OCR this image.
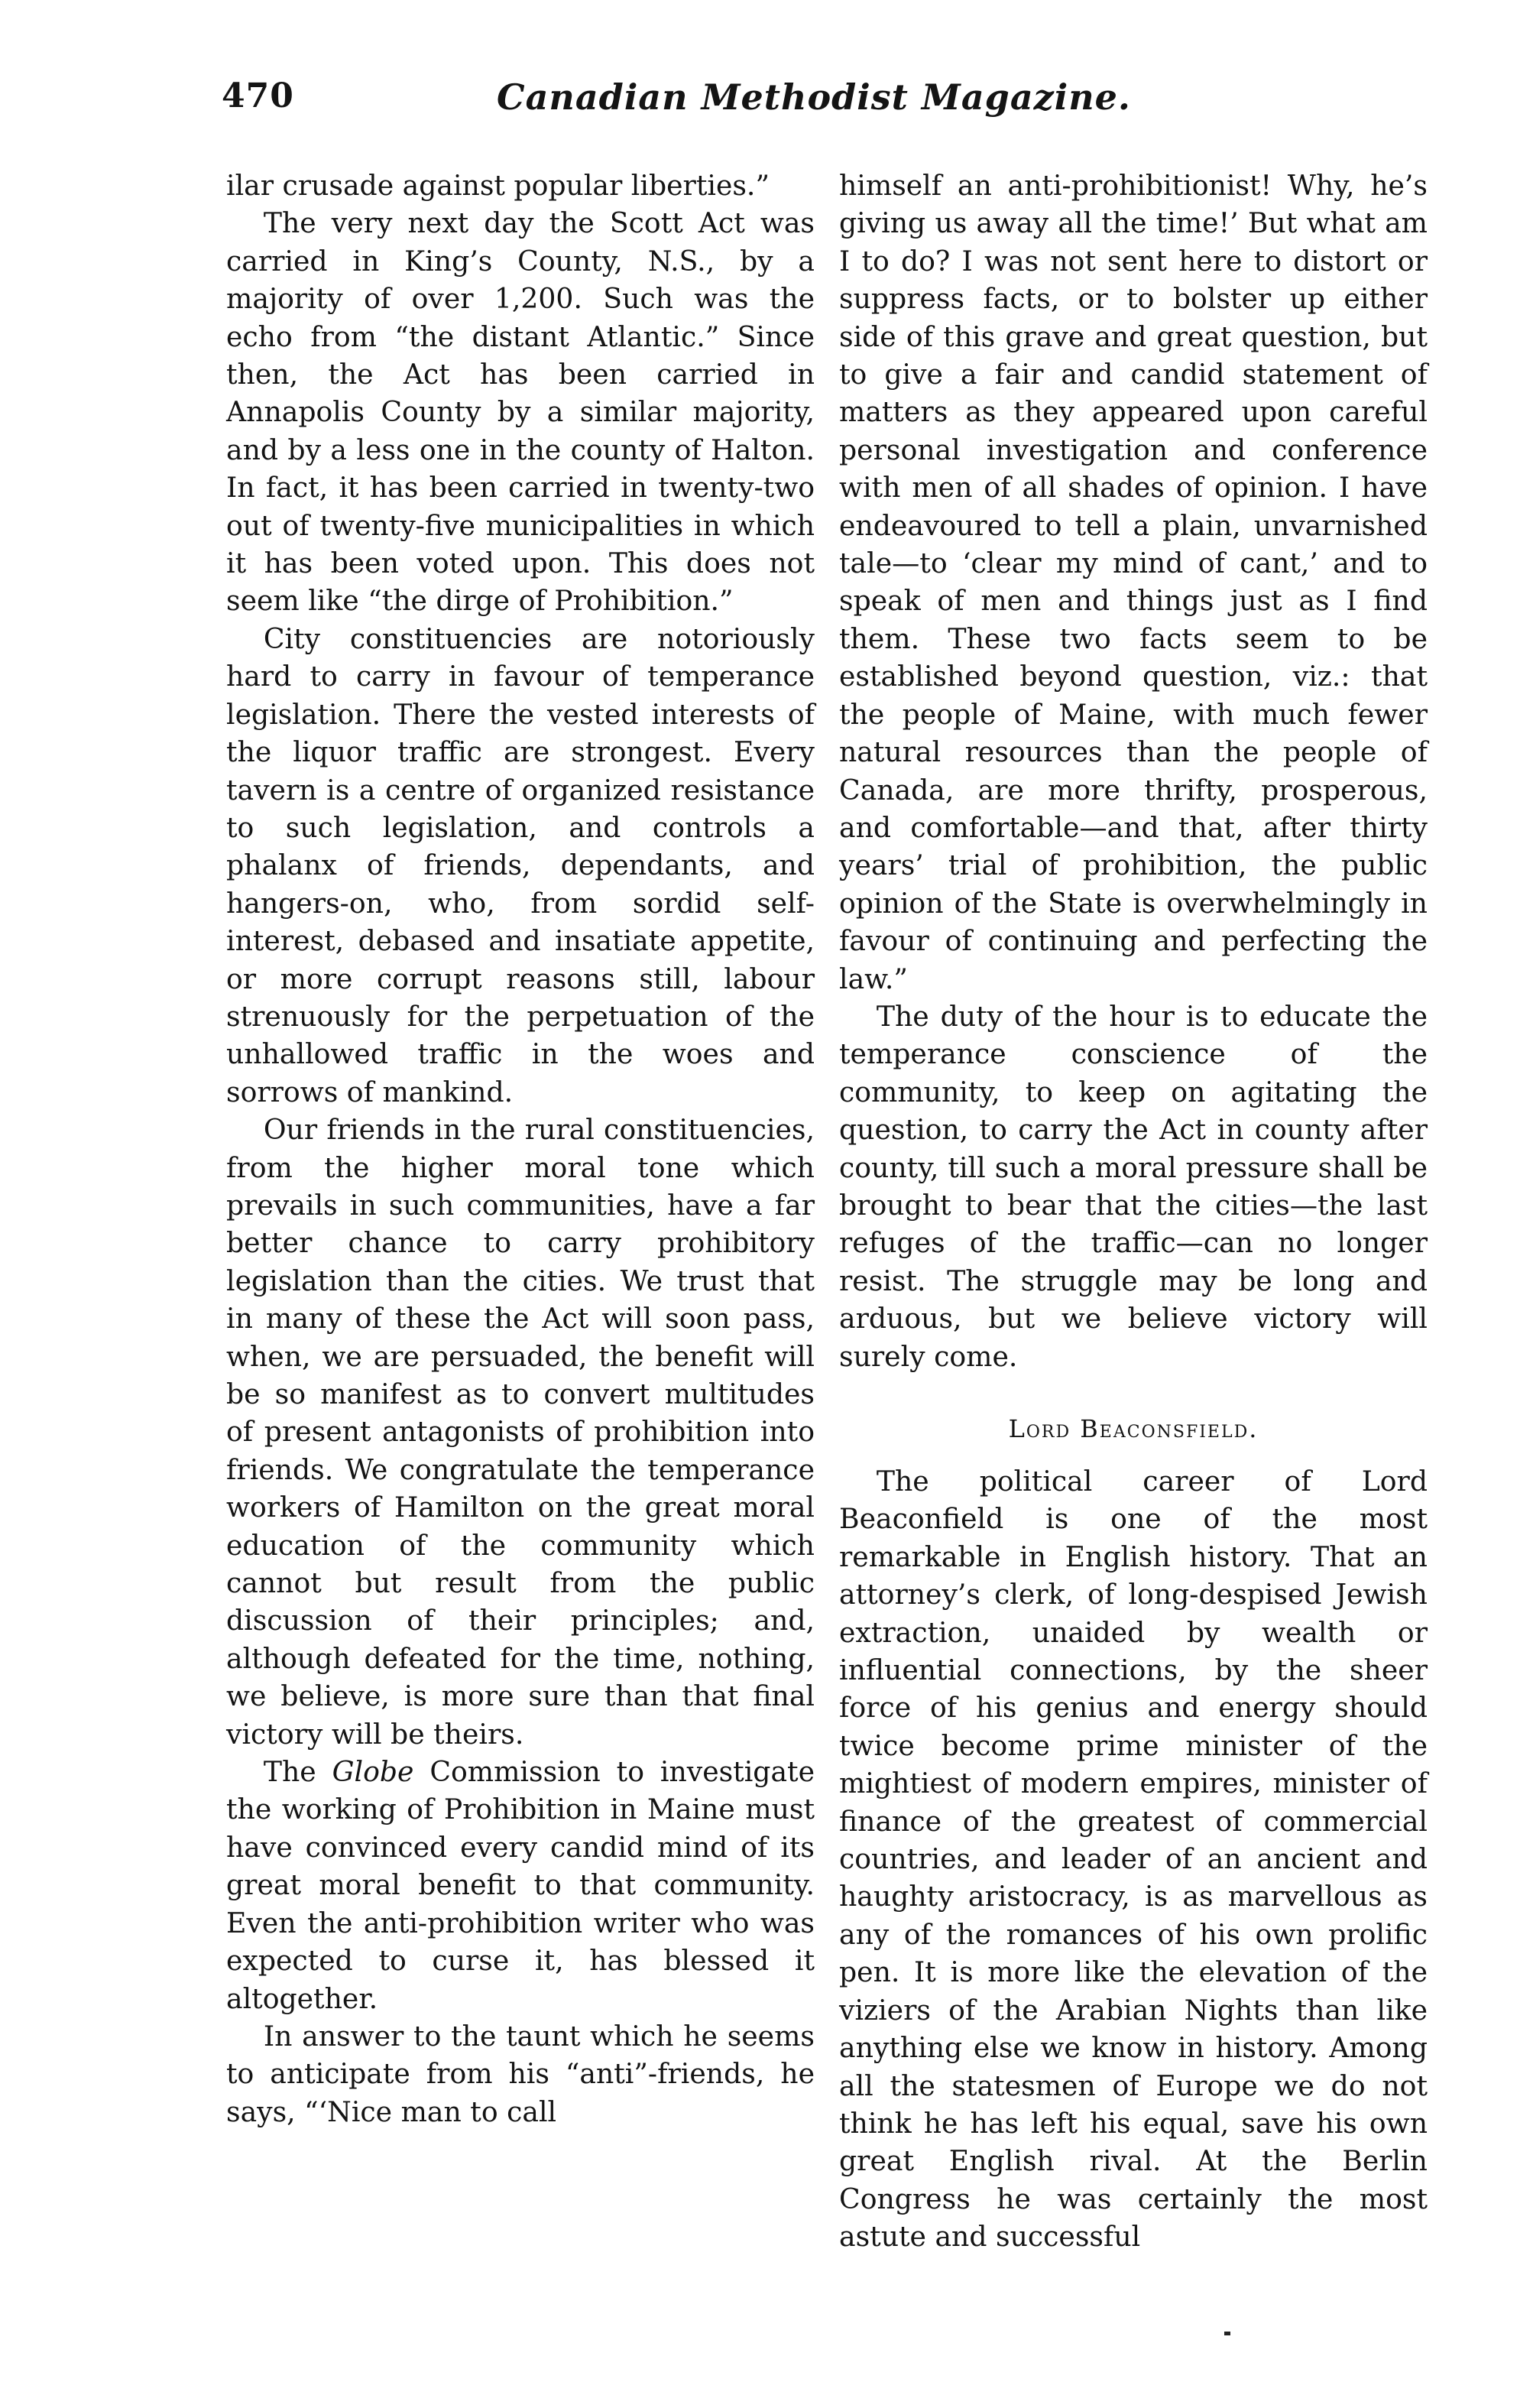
470	Canadian Methodist Magazine.

ilar crusade against popular liberties.”

The very next day the Scott Act was carried in King’s County, N.S., by a majority of over 1,200. Such was the echo from “the distant Atlantic.” Since then, the Act has been carried in Annapolis County by a similar majority, and by a less one in the county of Halton. In fact, it has been carried in twenty-two out of twenty-five municipalities in which it has been voted upon. This does not seem like “the dirge of Prohibition.”

City constituencies are notoriously hard to carry in favour of temperance legislation. There the vested interests of the liquor traffic are strongest. Every tavern is a centre of organized resistance to such legislation, and controls a phalanx of friends, dependants, and hangers-on, who, from sordid self-interest, debased and insatiate appetite, or more corrupt reasons still, labour strenuously for the perpetuation of the unhallowed traffic in the woes and sorrows of mankind.

Our friends in the rural constituencies, from the higher moral tone which prevails in such communities, have a far better chance to carry prohibitory legislation than the cities. We trust that in many of these the Act will soon pass, when, we are persuaded, the benefit will be so manifest as to convert multitudes of present antagonists of prohibition into friends. We congratulate the temperance workers of Hamilton on the great moral education of the community which cannot but result from the public discussion of their principles; and, although defeated for the time, nothing, we believe, is more sure than that final victory will be theirs.

The Globe Commission to investigate the working of Prohibition in Maine must have convinced every candid mind of its great moral benefit to that community. Even the anti-prohibition writer who was expected to curse it, has blessed it altogether.

In answer to the taunt which he seems to anticipate from his “anti”-friends, he says, “‘Nice man to call

himself an anti-prohibitionist! Why, he’s giving us away all the time!’ But what am I to do? I was not sent here to distort or suppress facts, or to bolster up either side of this grave and great question, but to give a fair and candid statement of matters as they appeared upon careful personal investigation and conference with men of all shades of opinion. I have endeavoured to tell a plain, unvarnished tale—to ‘clear my mind of cant,’ and to speak of men and things just as I find them. These two facts seem to be established beyond question, viz.: that the people of Maine, with much fewer natural resources than the people of Canada, are more thrifty, prosperous, and comfortable—and that, after thirty years’ trial of prohibition, the public opinion of the State is overwhelmingly in favour of continuing and perfecting the law.”

The duty of the hour is to educate the temperance conscience of the community, to keep on agitating the question, to carry the Act in county after county, till such a moral pressure shall be brought to bear that the cities—the last refuges of the traffic—can no longer resist. The struggle may be long and arduous, but we believe victory will surely come.

Lord Beaconsfield.

The political career of Lord Beaconfield is one of the most remarkable in English history. That an attorney’s clerk, of long-despised Jewish extraction, unaided by wealth or influential connections, by the sheer force of his genius and energy should twice become prime minister of the mightiest of modern empires, minister of finance of the greatest of commercial countries, and leader of an ancient and haughty aristocracy, is as marvellous as any of the romances of his own prolific pen. It is more like the elevation of the viziers of the Arabian Nights than like anything else we know in history. Among all the statesmen of Europe we do not think he has left his equal, save his own great English rival. At the Berlin Congress he was certainly the most astute and successful
